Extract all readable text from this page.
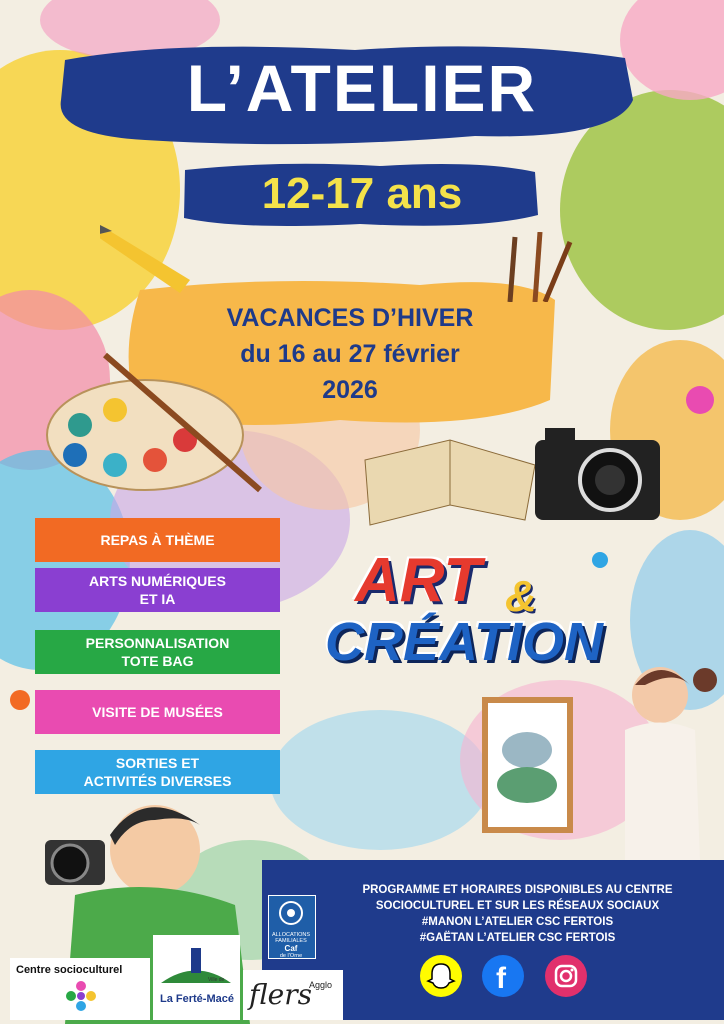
L’ATELIER
12-17 ans
VACANCES D’HIVER
du 16 au 27 février
2026
REPAS À THÈME
ARTS NUMÉRIQUES
ET IA
PERSONNALISATION
TOTE BAG
VISITE DE MUSÉES
SORTIES ET
ACTIVITÉS DIVERSES
ART &
CRÉATION
PROGRAMME ET HORAIRES DISPONIBLES AU CENTRE
SOCIOCULTUREL ET SUR LES RÉSEAUX SOCIAUX
#MANON L’ATELIER CSC FERTOIS
#GAËTAN L’ATELIER CSC FERTOIS
ALLOCATIONS
FAMILIALES
Caf
de l’Orne
f
Centre socioculturel
Ville de
La Ferté-Macé flers
Agglo
